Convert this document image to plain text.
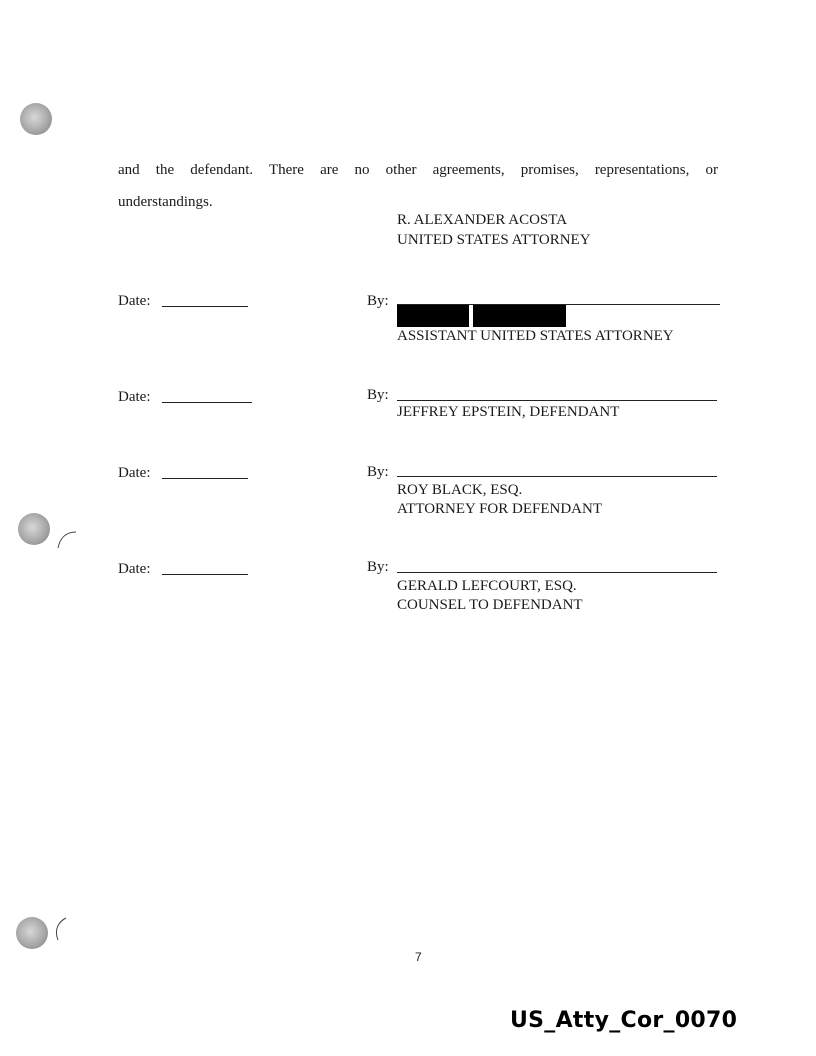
and the defendant. There are no other agreements, promises, representations, or
understandings.
R. ALEXANDER ACOSTA
UNITED STATES ATTORNEY
Date:	By:
ASSISTANT UNITED STATES ATTORNEY
Date:	By:
JEFFREY EPSTEIN, DEFENDANT
Date:	By:
ROY BLACK, ESQ.
ATTORNEY FOR DEFENDANT
Date:	By:
GERALD LEFCOURT, ESQ.
COUNSEL TO DEFENDANT
7
US_Atty_Cor_0070
